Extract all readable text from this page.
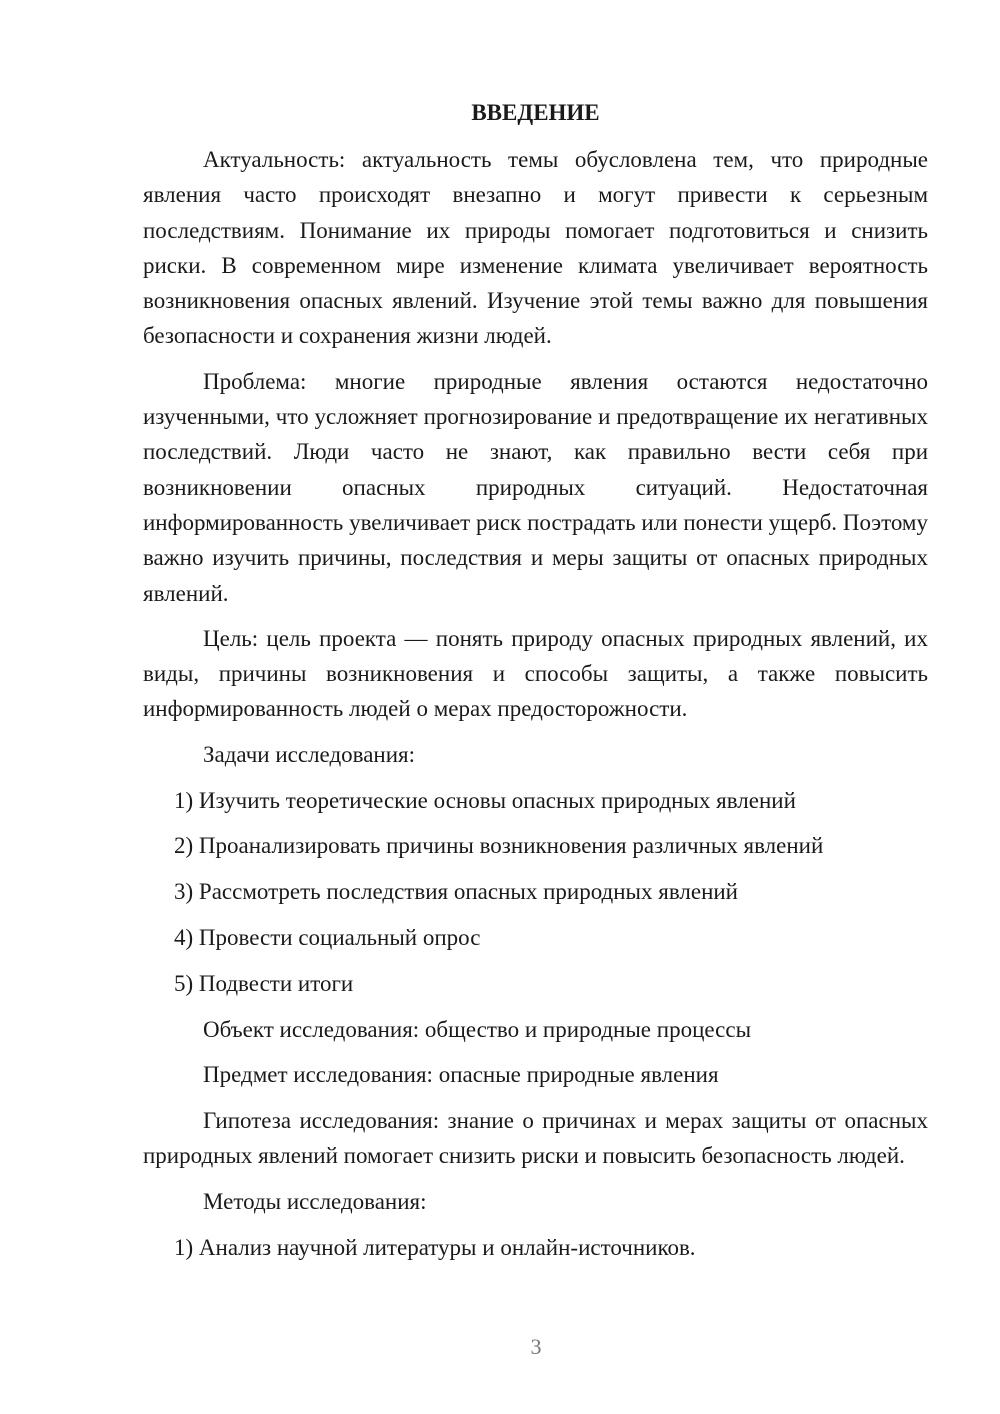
ВВЕДЕНИЕ

Актуальность: актуальность темы обусловлена тем, что природные явления часто происходят внезапно и могут привести к серьезным последствиям. Понимание их природы помогает подготовиться и снизить риски. В современном мире изменение климата увеличивает вероятность возникновения опасных явлений. Изучение этой темы важно для повышения безопасности и сохранения жизни людей.

Проблема: многие природные явления остаются недостаточно изученными, что усложняет прогнозирование и предотвращение их негативных последствий. Люди часто не знают, как правильно вести себя при возникновении опасных природных ситуаций. Недостаточная информированность увеличивает риск пострадать или понести ущерб. Поэтому важно изучить причины, последствия и меры защиты от опасных природных явлений.

Цель: цель проекта — понять природу опасных природных явлений, их виды, причины возникновения и способы защиты, а также повысить информированность людей о мерах предосторожности.

Задачи исследования:

1) Изучить теоретические основы опасных природных явлений

2) Проанализировать причины возникновения различных явлений

3) Рассмотреть последствия опасных природных явлений

4) Провести социальный опрос

5) Подвести итоги

Объект исследования: общество и природные процессы

Предмет исследования: опасные природные явления

Гипотеза исследования: знание о причинах и мерах защиты от опасных природных явлений помогает снизить риски и повысить безопасность людей.

Методы исследования:

1) Анализ научной литературы и онлайн-источников.

3
